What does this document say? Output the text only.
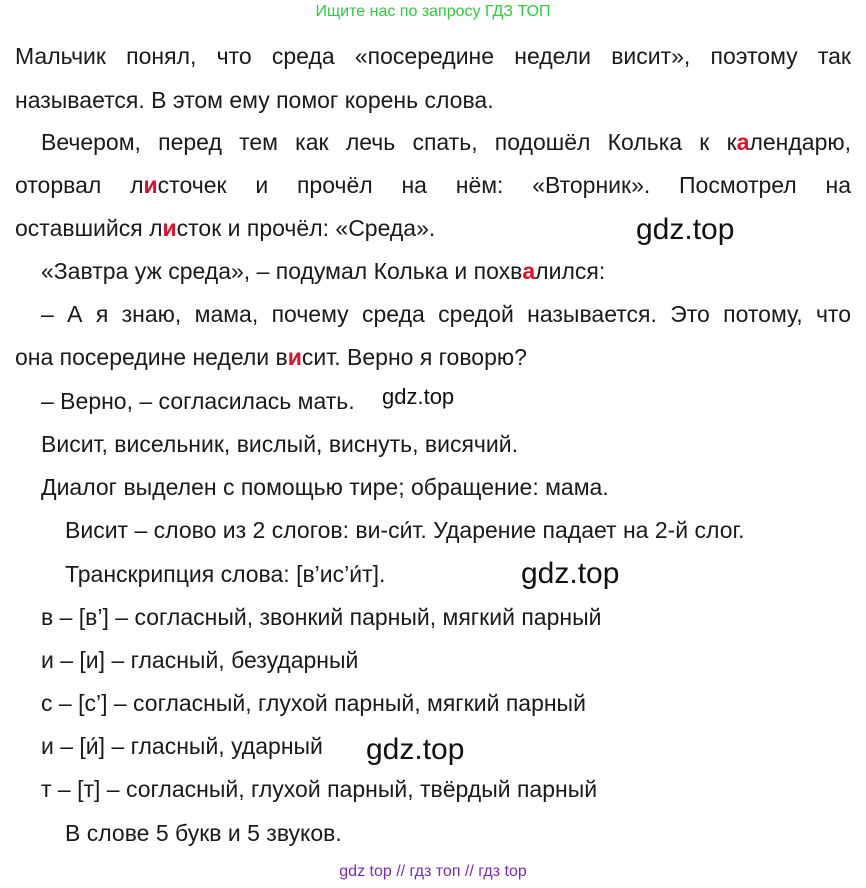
Ищите нас по запросу ГДЗ ТОП
Мальчик понял, что среда «посередине недели висит», поэтому так
называется. В этом ему помог корень слова.
Вечером, перед тем как лечь спать, подошёл Колька к календарю,
оторвал листочек и прочёл на нём: «Вторник». Посмотрел на
оставшийся листок и прочёл: «Среда».	gdz.top
«Завтра уж среда», – подумал Колька и похвалился:
– А я знаю, мама, почему среда средой называется. Это потому, что
она посередине недели висит. Верно я говорю?
– Верно, – согласилась мать. gdz.top
Висит, висельник, вислый, виснуть, висячий.
Диалог выделен с помощью тире; обращение: мама.
Висит – слово из 2 слогов: ви-си́т. Ударение падает на 2-й слог.
Транскрипция слова: [в’ис’и́т].	gdz.top
в – [в’] – согласный, звонкий парный, мягкий парный
и – [и] – гласный, безударный
с – [с’] – согласный, глухой парный, мягкий парный
и – [и́] – гласный, ударный gdz.top
т – [т] – согласный, глухой парный, твёрдый парный
В слове 5 букв и 5 звуков.
gdz top // гдз топ // гдз top
